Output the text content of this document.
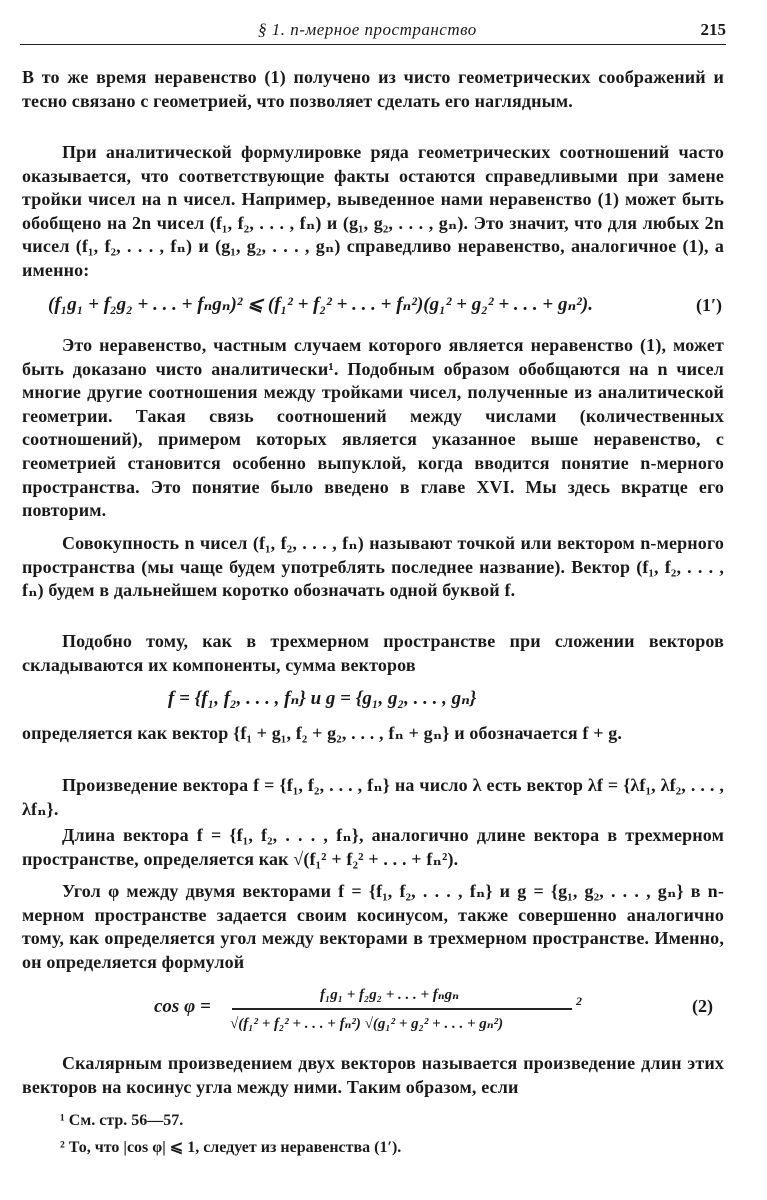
§ 1. n-мерное пространство	215
В то же время неравенство (1) получено из чисто геометрических соображений и тесно связано с геометрией, что позволяет сделать его наглядным.
При аналитической формулировке ряда геометрических соотношений часто оказывается, что соответствующие факты остаются справедливыми при замене тройки чисел на n чисел. Например, выведенное нами неравенство (1) может быть обобщено на 2n чисел (f₁, f₂, . . . , fₙ) и (g₁, g₂, . . . , gₙ). Это значит, что для любых 2n чисел (f₁, f₂, . . . , fₙ) и (g₁, g₂, . . . , gₙ) справедливо неравенство, аналогичное (1), а именно:
(f₁g₁ + f₂g₂ + . . . + fₙgₙ)² ⩽ (f₁² + f₂² + . . . + fₙ²)(g₁² + g₂² + . . . + gₙ²).	(1′)
Это неравенство, частным случаем которого является неравенство (1), может быть доказано чисто аналитически¹. Подобным образом обобщаются на n чисел многие другие соотношения между тройками чисел, полученные из аналитической геометрии. Такая связь соотношений между числами (количественных соотношений), примером которых является указанное выше неравенство, с геометрией становится особенно выпуклой, когда вводится понятие n-мерного пространства. Это понятие было введено в главе XVI. Мы здесь вкратце его повторим.
Совокупность n чисел (f₁, f₂, . . . , fₙ) называют точкой или вектором n-мерного пространства (мы чаще будем употреблять последнее название). Вектор (f₁, f₂, . . . , fₙ) будем в дальнейшем коротко обозначать одной буквой f.
Подобно тому, как в трехмерном пространстве при сложении векторов складываются их компоненты, сумма векторов
f = {f₁, f₂, . . . , fₙ} и g = {g₁, g₂, . . . , gₙ}
определяется как вектор {f₁ + g₁, f₂ + g₂, . . . , fₙ + gₙ} и обозначается f + g.
Произведение вектора f = {f₁, f₂, . . . , fₙ} на число λ есть вектор λf = {λf₁, λf₂, . . . , λfₙ}.
Длина вектора f = {f₁, f₂, . . . , fₙ}, аналогично длине вектора в трехмерном пространстве, определяется как √(f₁² + f₂² + . . . + fₙ²).
Угол φ между двумя векторами f = {f₁, f₂, . . . , fₙ} и g = {g₁, g₂, . . . , gₙ} в n-мерном пространстве задается своим косинусом, также совершенно аналогично тому, как определяется угол между векторами в трехмерном пространстве. Именно, он определяется формулой
cos φ =
f₁g₁ + f₂g₂ + . . . + fₙgₙ
√(f₁² + f₂² + . . . + fₙ²) √(g₁² + g₂² + . . . + gₙ²)
2	(2)
Скалярным произведением двух векторов называется произведение длин этих векторов на косинус угла между ними. Таким образом, если
¹ См. стр. 56—57.
² То, что |cos φ| ⩽ 1, следует из неравенства (1′).
